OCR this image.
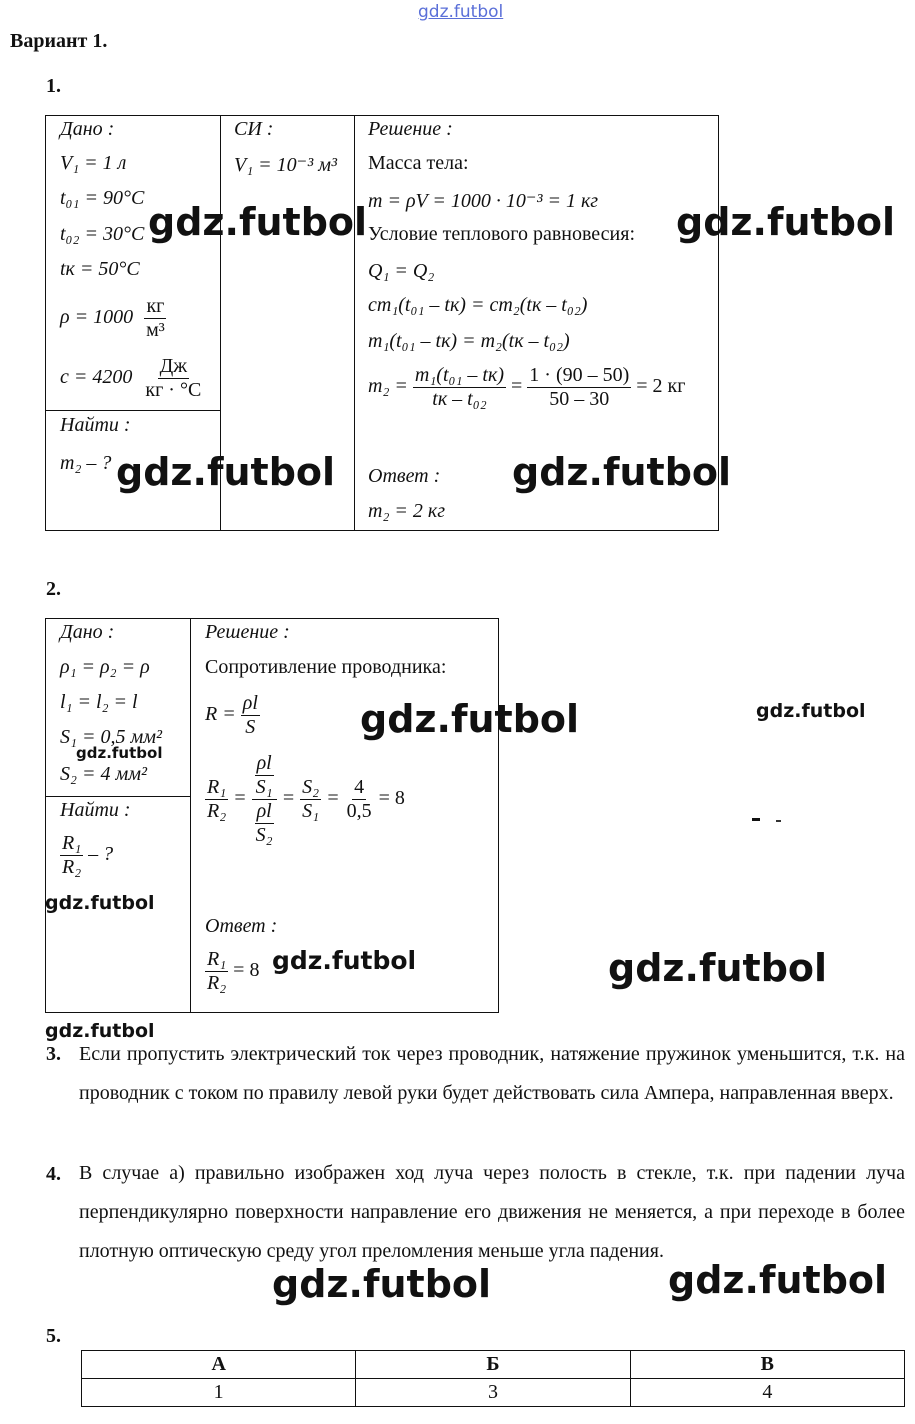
gdz.futbol
Вариант 1.
1.
Дано :
V₁ = 1 л
t₀₁ = 90°C
t₀₂ = 30°C
tк = 50°C
$\rho = 1000 \frac{кг}{\text{м³}}$
$c = 4200 \frac{Дж}{кг \cdot ^\circ C}$
Найти :
m₂ – ?
СИ :
V₁ = 10⁻³ м³
Решение :
Масса тела:
m = ρV = 1000 · 10⁻³ = 1 кг
Условие теплового равновесия:
Q₁ = Q₂
cm₁(t₀₁ – tк) = cm₂(tк – t₀₂)
m₁(t₀₁ – tк) = m₂(tк – t₀₂)
$m_2 = \frac{\text{m₁(t₀₁ – tк)}}{\text{tк – t₀₂}} = \frac{1 \cdot (90 - 50)}{50 - 30} = 2$ кг
Ответ :
m₂ = 2 кг
gdz.futbol	gdz.futbol
gdz.futbol	gdz.futbol
2.
Дано :
ρ₁ = ρ₂ = ρ
l₁ = l₂ = l
S₁ = 0,5 мм²
S₂ = 4 мм²
Найти :
$\frac{\text{R₁}}{\text{R₂}}$ – ?
Решение :
Сопротивление проводника:
$R = \frac{\rho l}{S}$
$\frac{\text{R₁}}{\text{R₂}} = \frac{\frac{\rho l}{\text{S₁}}}{\frac{\rho l}{\text{S₂}}} = \frac{\text{S₂}}{\text{S₁}} = \frac{4}{0,5} = 8$
Ответ :
$\frac{\text{R₁}}{\text{R₂}} = 8$
gdz.futbol	gdz.futbol
gdz.futbol
gdz.futbol
gdz.futbol	gdz.futbol
gdz.futbol
3. Если пропустить электрический ток через проводник, натяжение пружинок уменьшится, т.к. на проводник с током по правилу левой руки будет действовать сила Ампера, направленная вверх.
4. В случае а) правильно изображен ход луча через полость в стекле, т.к. при падении луча перпендикулярно поверхности направление его движения не меняется, а при переходе в более плотную оптическую среду угол преломления меньше угла падения.
gdz.futbol	gdz.futbol
5.
А	Б	В
1	3	4
